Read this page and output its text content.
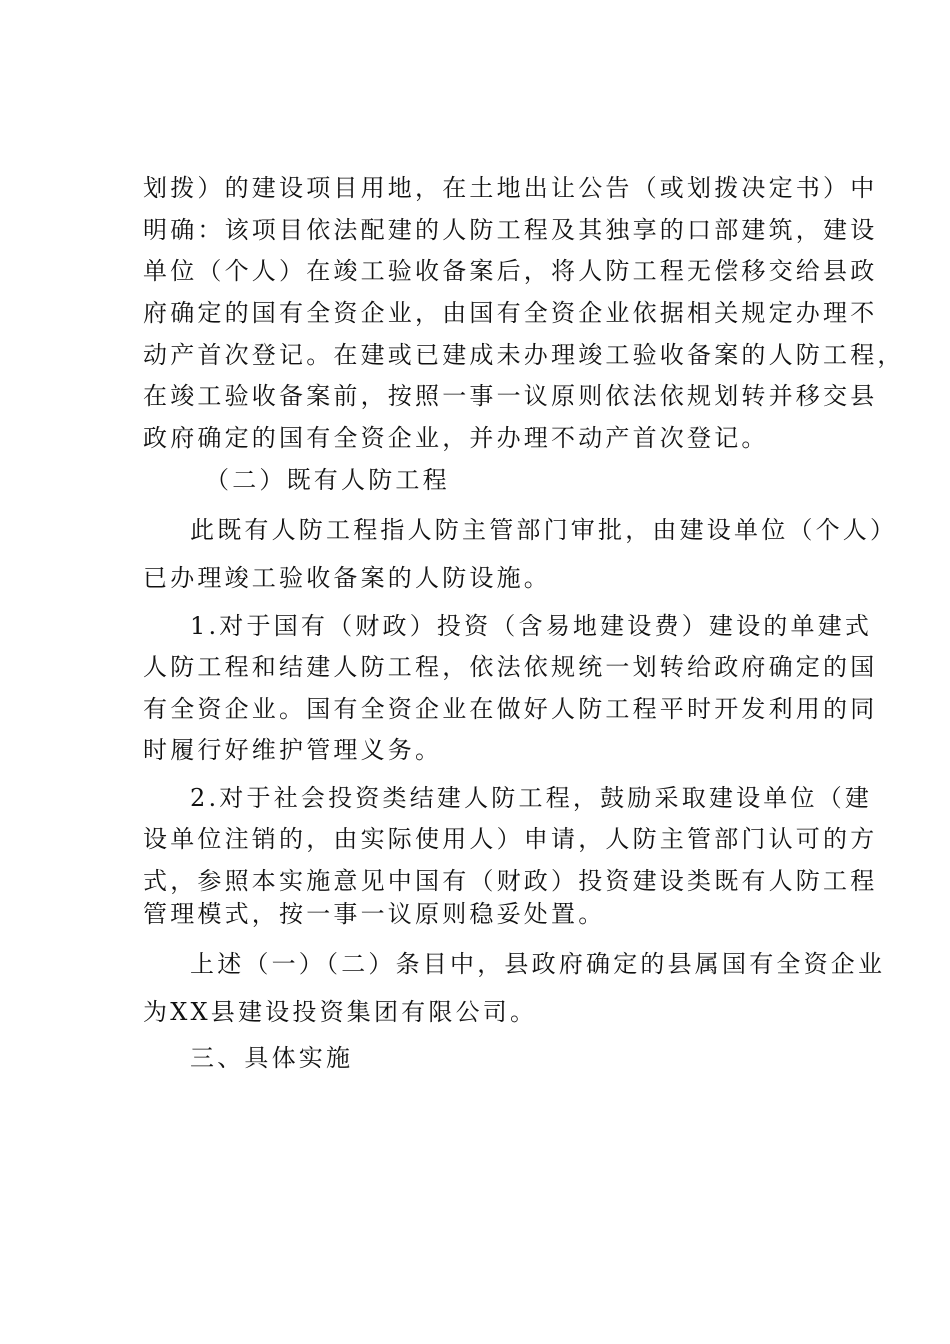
划拨）的建设项目用地，在土地出让公告（或划拨决定书）中
明确：该项目依法配建的人防工程及其独享的口部建筑，建设
单位（个人）在竣工验收备案后，将人防工程无偿移交给县政
府确定的国有全资企业，由国有全资企业依据相关规定办理不
动产首次登记。在建或已建成未办理竣工验收备案的人防工程，
在竣工验收备案前，按照一事一议原则依法依规划转并移交县
政府确定的国有全资企业，并办理不动产首次登记。
（二）既有人防工程
此既有人防工程指人防主管部门审批，由建设单位（个人）
已办理竣工验收备案的人防设施。
1.对于国有（财政）投资（含易地建设费）建设的单建式
人防工程和结建人防工程，依法依规统一划转给政府确定的国
有全资企业。国有全资企业在做好人防工程平时开发利用的同
时履行好维护管理义务。
2.对于社会投资类结建人防工程，鼓励采取建设单位（建
设单位注销的，由实际使用人）申请，人防主管部门认可的方
式，参照本实施意见中国有（财政）投资建设类既有人防工程
管理模式，按一事一议原则稳妥处置。
上述（一）（二）条目中，县政府确定的县属国有全资企业
为XX县建设投资集团有限公司。
三、具体实施
